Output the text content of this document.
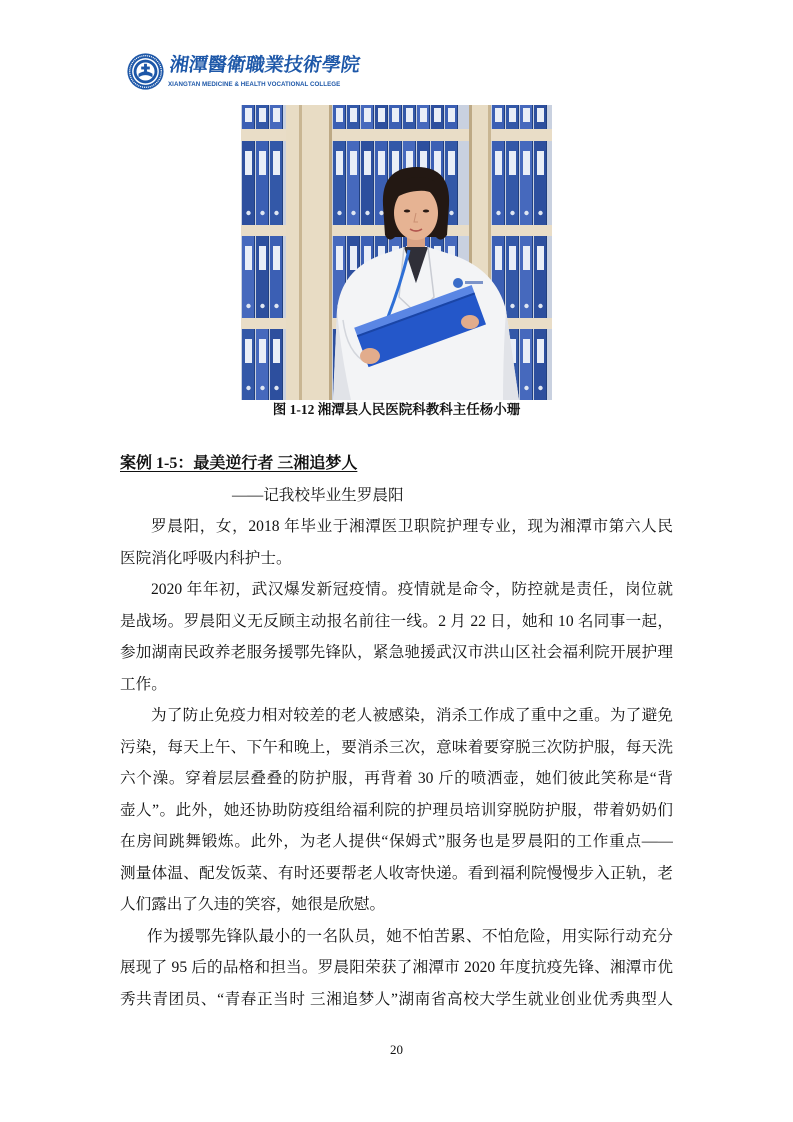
湘潭醫衛職業技術學院
XIANGTAN MEDICINE & HEALTH VOCATIONAL COLLEGE
图 1-12 湘潭县人民医院科教科主任杨小珊
案例 1-5：最美逆行者 三湘追梦人
——记我校毕业生罗晨阳
罗晨阳，女，2018 年毕业于湘潭医卫职院护理专业，现为湘潭市第六人民
医院消化呼吸内科护士。
2020 年年初，武汉爆发新冠疫情。疫情就是命令，防控就是责任，岗位就
是战场。罗晨阳义无反顾主动报名前往一线。2 月 22 日，她和 10 名同事一起，
参加湖南民政养老服务援鄂先锋队，紧急驰援武汉市洪山区社会福利院开展护理
工作。
为了防止免疫力相对较差的老人被感染，消杀工作成了重中之重。为了避免
污染，每天上午、下午和晚上，要消杀三次，意味着要穿脱三次防护服，每天洗
六个澡。穿着层层叠叠的防护服，再背着 30 斤的喷洒壶，她们彼此笑称是“背
壶人”。此外，她还协助防疫组给福利院的护理员培训穿脱防护服，带着奶奶们
在房间跳舞锻炼。此外，为老人提供“保姆式”服务也是罗晨阳的工作重点——
测量体温、配发饭菜、有时还要帮老人收寄快递。看到福利院慢慢步入正轨，老
人们露出了久违的笑容，她很是欣慰。
作为援鄂先锋队最小的一名队员，她不怕苦累、不怕危险，用实际行动充分
展现了 95 后的品格和担当。罗晨阳荣获了湘潭市 2020 年度抗疫先锋、湘潭市优
秀共青团员、“青春正当时 三湘追梦人”湖南省高校大学生就业创业优秀典型人
20
